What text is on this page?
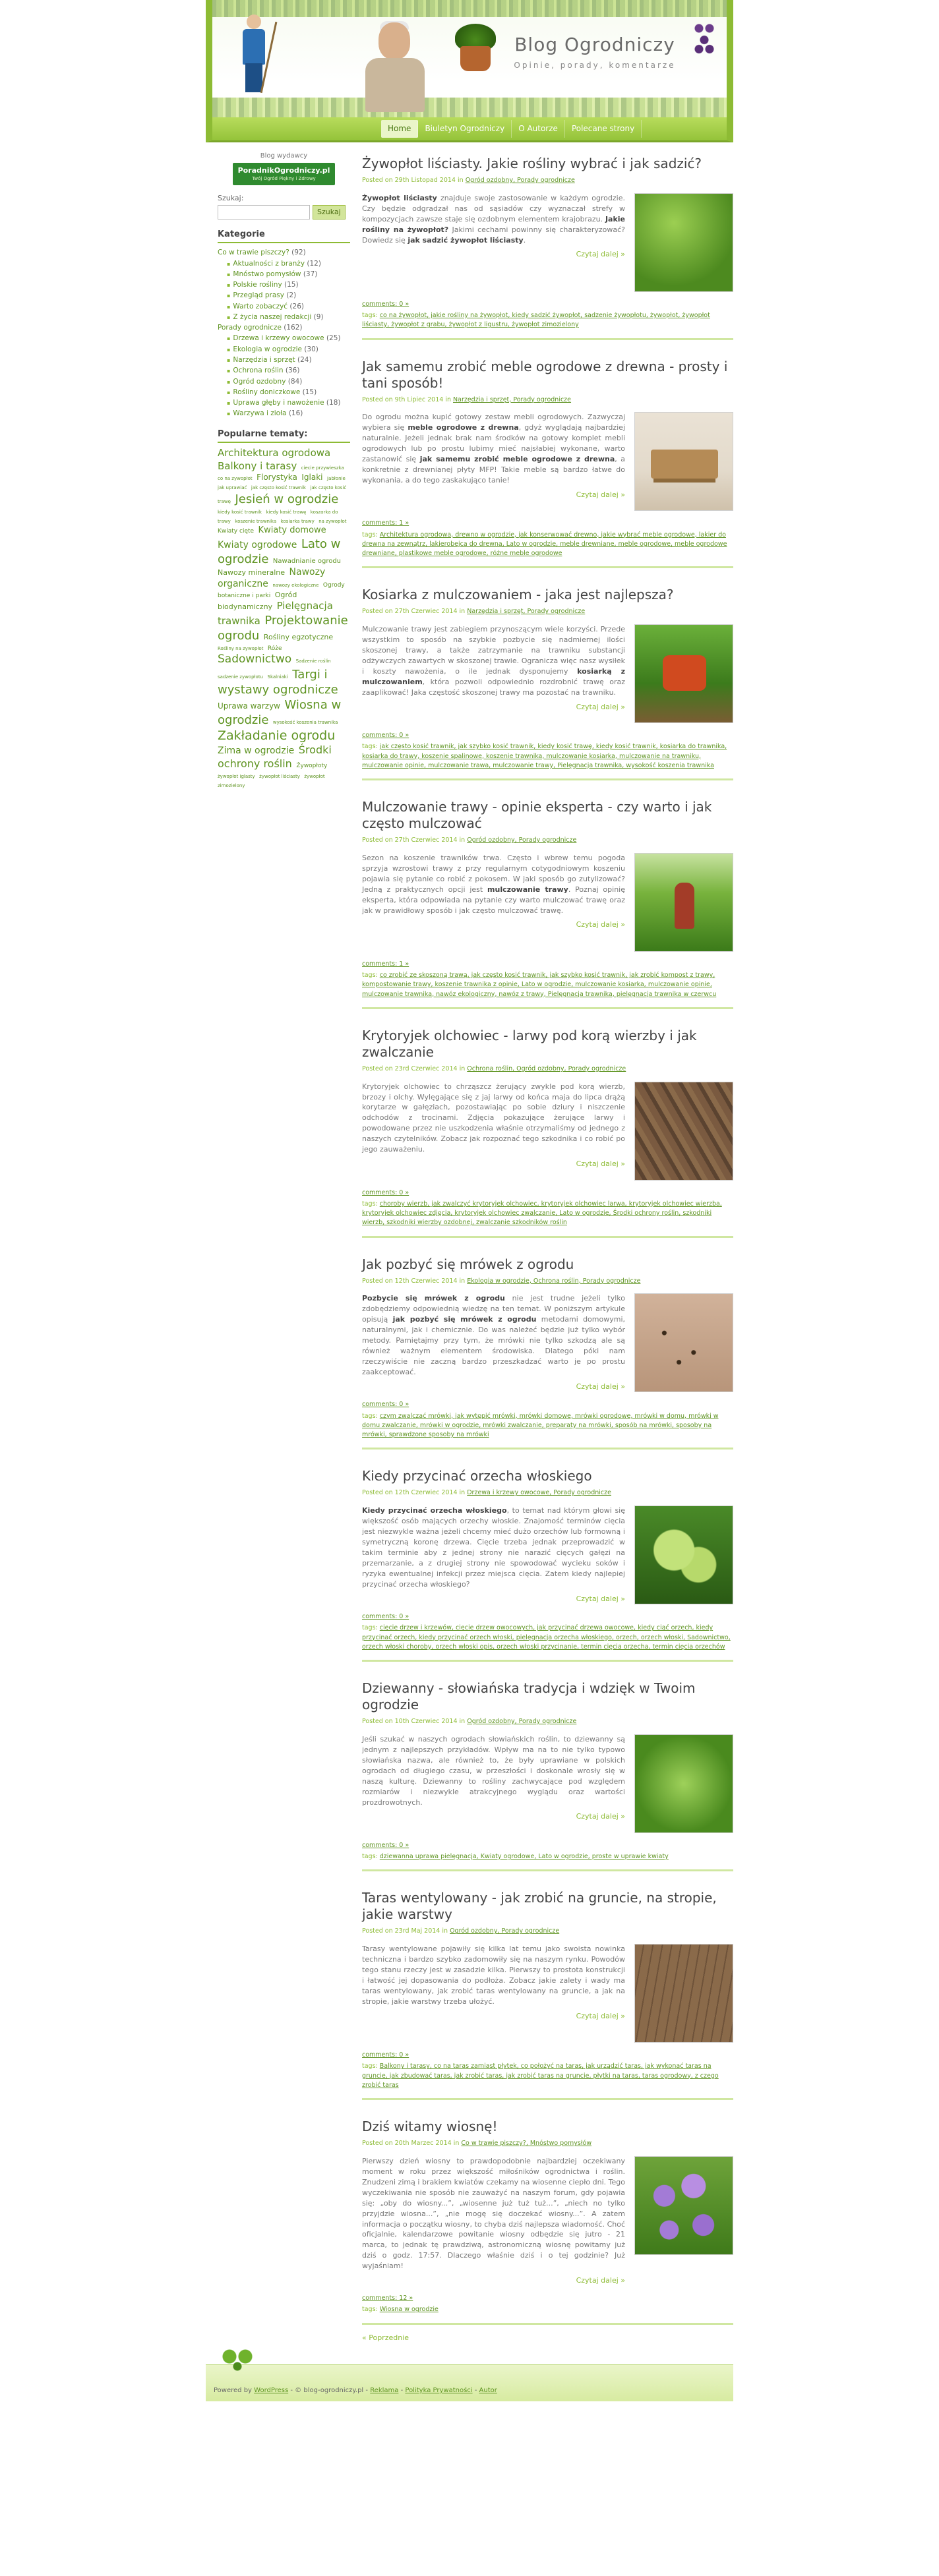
Blog Ogrodniczy
Opinie, porady, komentarze
Home	Biuletyn Ogrodniczy	O Autorze	Polecane strony
Blog wydawcy
PoradnikOgrodniczy.pl
Twój Ogród Piękny i Zdrowy
Szukaj:
Szukaj
Kategorie
Co w trawie piszczy? (92)
▪ Aktualności z branży (12)
▪ Mnóstwo pomysłów (37)
▪ Polskie rośliny (15)
▪ Przegląd prasy (2)
▪ Warto zobaczyć (26)
▪ Z życia naszej redakcji (9)
Porady ogrodnicze (162)
▪ Drzewa i krzewy owocowe (25)
▪ Ekologia w ogrodzie (30)
▪ Narzędzia i sprzęt (24)
▪ Ochrona roślin (36)
▪ Ogród ozdobny (84)
▪ Rośliny doniczkowe (15)
▪ Uprawa głęby i nawożenie (18)
▪ Warzywa i zioła (16)
Popularne tematy:
Architektura ogrodowa Balkony i tarasy ciecie przywieszka co na zywopłot Florystyka Iglaki Jabłonie jak uprawiać jak często kosić trawnik jak często kosić trawę Jesień w ogrodzie kiedy kosić trawnik kiedy kosić trawę koszarka do trawy koszenie trawnika kosiarka trawy na zywopłot Kwiaty cięte Kwiaty domowe Kwiaty ogrodowe Lato w ogrodzie Nawadnianie ogrodu Nawozy mineralne Nawozy organiczne nawozy ekologiczne Ogrody botaniczne i parki Ogród biodynamiczny Pielęgnacja trawnika Projektowanie ogrodu Rośliny egzotyczne Rośliny na zywopłot Róże Sadownictwo Sadzenie roślin sadzenie zywopłotu Skalniaki Targi i wystawy ogrodnicze Uprawa warzyw Wiosna w ogrodzie wysokość koszenia trawnika Zakładanie ogrodu Zima w ogrodzie Środki ochrony roślin Żywopłoty żywopłot iglasty żywopłot liściasty żywopłot zimozielony
Żywopłot liściasty. Jakie rośliny wybrać i jak sadzić?
Posted on 29th Listopad 2014 in Ogród ozdobny, Porady ogrodnicze
Żywopłot liściasty znajduje swoje zastosowanie w każdym ogrodzie. Czy będzie odgradzał nas od sąsiadów czy wyznaczał strefy w kompozycjach zawsze staje się ozdobnym elementem krajobrazu. Jakie rośliny na żywopłot? Jakimi cechami powinny się charakteryzować? Dowiedz się jak sadzić żywopłot liściasty.
Czytaj dalej »
comments: 0 »
tags: co na żywopłot, jakie rośliny na żywopłot, kiedy sadzić żywopłot, sadzenie żywopłotu, żywopłot, żywopłot liściasty, żywopłot z grabu, żywopłot z ligustru, żywopłot zimozielony
Jak samemu zrobić meble ogrodowe z drewna - prosty i tani sposób!
Posted on 9th Lipiec 2014 in Narzędzia i sprzęt, Porady ogrodnicze
Do ogrodu można kupić gotowy zestaw mebli ogrodowych. Zazwyczaj wybiera się meble ogrodowe z drewna, gdyż wyglądają najbardziej naturalnie. Jeżeli jednak brak nam środków na gotowy komplet mebli ogrodowych lub po prostu lubimy mieć najsłabiej wykonane, warto zastanowić się jak samemu zrobić meble ogrodowe z drewna, a konkretnie z drewnianej płyty MFP! Takie meble są bardzo łatwe do wykonania, a do tego zaskakująco tanie!
Czytaj dalej »
comments: 1 »
tags: Architektura ogrodowa, drewno w ogrodzie, jak konserwować drewno, jakie wybrać meble ogrodowe, lakier do drewna na zewnątrz, lakierobejca do drewna, Lato w ogrodzie, meble drewniane, meble ogrodowe, meble ogrodowe drewniane, plastikowe meble ogrodowe, różne meble ogrodowe
Kosiarka z mulczowaniem - jaka jest najlepsza?
Posted on 27th Czerwiec 2014 in Narzędzia i sprzęt, Porady ogrodnicze
Mulczowanie trawy jest zabiegiem przynoszącym wiele korzyści. Przede wszystkim to sposób na szybkie pozbycie się nadmiernej ilości skoszonej trawy, a także zatrzymanie na trawniku substancji odżywczych zawartych w skoszonej trawie. Ogranicza więc nasz wysiłek i koszty nawożenia, o ile jednak dysponujemy kosiarką z mulczowaniem, która pozwoli odpowiednio rozdrobnić trawę oraz zaaplikować! Jaka częstość skoszonej trawy ma pozostać na trawniku.
Czytaj dalej »
comments: 0 »
tags: jak często kosić trawnik, jak szybko kosić trawnik, kiedy kosić trawę, kiedy kosić trawnik, kosiarka do trawnika, kosiarka do trawy, koszenie spalinowe, koszenie trawnika, mulczowanie kosiarka, mulczowanie na trawniku, mulczowanie opinie, mulczowanie trawa, mulczowanie trawy, Pielęgnacja trawnika, wysokość koszenia trawnika
Mulczowanie trawy - opinie eksperta - czy warto i jak często mulczować
Posted on 27th Czerwiec 2014 in Ogród ozdobny, Porady ogrodnicze
Sezon na koszenie trawników trwa. Często i wbrew temu pogoda sprzyja wzrostowi trawy z przy regularnym cotygodniowym koszeniu pojawia się pytanie co robić z pokosem. W jaki sposób go zutylizować? Jedną z praktycznych opcji jest mulczowanie trawy. Poznaj opinię eksperta, która odpowiada na pytanie czy warto mulczować trawę oraz jak w prawidłowy sposób i jak często mulczować trawę.
Czytaj dalej »
comments: 1 »
tags: co zrobić ze skoszoną trawą, jak często kosić trawnik, jak szybko kosić trawnik, jak zrobić kompost z trawy, kompostowanie trawy, koszenie trawnika z opinie, Lato w ogrodzie, mulczowanie kosiarka, mulczowanie opinie, mulczowanie trawnika, nawóz ekologiczny, nawóz z trawy, Pielęgnacja trawnika, pielęgnacja trawnika w czerwcu
Krytoryjek olchowiec - larwy pod korą wierzby i jak zwalczanie
Posted on 23rd Czerwiec 2014 in Ochrona roślin, Ogród ozdobny, Porady ogrodnicze
Krytoryjek olchowiec to chrząszcz żerujący zwykle pod korą wierzb, brzozy i olchy. Wylęgające się z jaj larwy od końca maja do lipca drążą korytarze w gałęziach, pozostawiając po sobie dziury i niszczenie odchodów z trocinami. Zdjęcia pokazujące żerujące larwy i powodowane przez nie uszkodzenia właśnie otrzymaliśmy od jednego z naszych czytelników. Zobacz jak rozpoznać tego szkodnika i co robić po jego zauważeniu.
Czytaj dalej »
comments: 0 »
tags: choroby wierzb, jak zwalczyć krytoryjek olchowiec, krytoryjek olchowiec larwa, krytoryjek olchowiec wierzba, krytoryjek olchowiec zdjęcia, krytoryjek olchowiec zwalczanie, Lato w ogrodzie, Środki ochrony roślin, szkodniki wierzb, szkodniki wierzby ozdobnej, zwalczanie szkodników roślin
Jak pozbyć się mrówek z ogrodu
Posted on 12th Czerwiec 2014 in Ekologia w ogrodzie, Ochrona roślin, Porady ogrodnicze
Pozbycie się mrówek z ogrodu nie jest trudne jeżeli tylko zdobędziemy odpowiednią wiedzę na ten temat. W poniższym artykule opisują jak pozbyć się mrówek z ogrodu metodami domowymi, naturalnymi, jak i chemicznie. Do was należeć będzie już tylko wybór metody. Pamiętajmy przy tym, że mrówki nie tylko szkodzą ale są również ważnym elementem środowiska. Dlatego póki nam rzeczywiście nie zaczną bardzo przeszkadzać warto je po prostu zaakceptować.
Czytaj dalej »
comments: 0 »
tags: czym zwalczać mrówki, jak wytępić mrówki, mrówki domowe, mrówki ogrodowe, mrówki w domu, mrówki w domu zwalczanie, mrówki w ogrodzie, mrówki zwalczanie, preparaty na mrówki, sposób na mrówki, sposoby na mrówki, sprawdzone sposoby na mrówki
Kiedy przycinać orzecha włoskiego
Posted on 12th Czerwiec 2014 in Drzewa i krzewy owocowe, Porady ogrodnicze
Kiedy przycinać orzecha włoskiego, to temat nad którym głowi się większość osób mających orzechy włoskie. Znajomość terminów cięcia jest niezwykle ważna jeżeli chcemy mieć dużo orzechów lub formowną i symetryczną koronę drzewa. Cięcie trzeba jednak przeprowadzić w takim terminie aby z jednej strony nie narazić cięcych gałęzi na przemarzanie, a z drugiej strony nie spowodować wycieku soków i ryzyka ewentualnej infekcji przez miejsca cięcia. Zatem kiedy najlepiej przycinać orzecha włoskiego?
Czytaj dalej »
comments: 0 »
tags: cięcie drzew i krzewów, cięcie drzew owocowych, jak przycinać drzewa owocowe, kiedy ciąć orzech, kiedy przycinać orzech, kiedy przycinać orzech włoski, pielęgnacja orzecha włoskiego, orzech, orzech włoski, Sadownictwo, orzech włoski choroby, orzech włoski opis, orzech włoski przycinanie, termin cięcia orzecha, termin cięcia orzechów
Dziewanny - słowiańska tradycja i wdzięk w Twoim ogrodzie
Posted on 10th Czerwiec 2014 in Ogród ozdobny, Porady ogrodnicze
Jeśli szukać w naszych ogrodach słowiańskich roślin, to dziewanny są jednym z najlepszych przykładów. Wpływ ma na to nie tylko typowo słowiańska nazwa, ale również to, że były uprawiane w polskich ogrodach od długiego czasu, w przeszłości i doskonale wrosły się w naszą kulturę. Dziewanny to rośliny zachwycające pod względem rozmiarów i niezwykle atrakcyjnego wyglądu oraz wartości prozdrowotnych.
Czytaj dalej »
comments: 0 »
tags: dziewanna uprawa pielęgnacja, Kwiaty ogrodowe, Lato w ogrodzie, proste w uprawie kwiaty
Taras wentylowany - jak zrobić na gruncie, na stropie, jakie warstwy
Posted on 23rd Maj 2014 in Ogród ozdobny, Porady ogrodnicze
Tarasy wentylowane pojawiły się kilka lat temu jako swoista nowinka techniczna i bardzo szybko zadomowiły się na naszym rynku. Powodów tego stanu rzeczy jest w zasadzie kilka. Pierwszy to prostota konstrukcji i łatwość jej dopasowania do podłoża. Zobacz jakie zalety i wady ma taras wentylowany, jak zrobić taras wentylowany na gruncie, a jak na stropie, jakie warstwy trzeba ułożyć.
Czytaj dalej »
comments: 0 »
tags: Balkony i tarasy, co na taras zamiast płytek, co położyć na taras, jak urządzić taras, jak wykonać taras na gruncie, jak zbudować taras, jak zrobić taras, jak zrobić taras na gruncie, płytki na taras, taras ogrodowy, z czego zrobić taras
Dziś witamy wiosnę!
Posted on 20th Marzec 2014 in Co w trawie piszczy?, Mnóstwo pomysłów
Pierwszy dzień wiosny to prawdopodobnie najbardziej oczekiwany moment w roku przez większość miłośników ogrodnictwa i roślin. Znudzeni zimą i brakiem kwiatów czekamy na wiosenne ciepło dni. Tego wyczekiwania nie sposób nie zauważyć na naszym forum, gdy pojawia się: „oby do wiosny...”, „wiosenne już tuż tuż...”, „niech no tylko przyjdzie wiosna...”, „nie mogę się doczekać wiosny...”. A zatem informacja o początku wiosny, to chyba dziś najlepsza wiadomość. Choć oficjalnie, kalendarzowe powitanie wiosny odbędzie się jutro - 21 marca, to jednak tę prawdziwą, astronomiczną wiosnę powitamy już dziś o godz. 17:57. Dlaczego właśnie dziś i o tej godzinie? Już wyjaśniam!
Czytaj dalej »
comments: 12 »
tags: Wiosna w ogrodzie
« Poprzednie
Powered by WordPress - © blog-ogrodniczy.pl - Reklama - Polityka Prywatności - Autor
